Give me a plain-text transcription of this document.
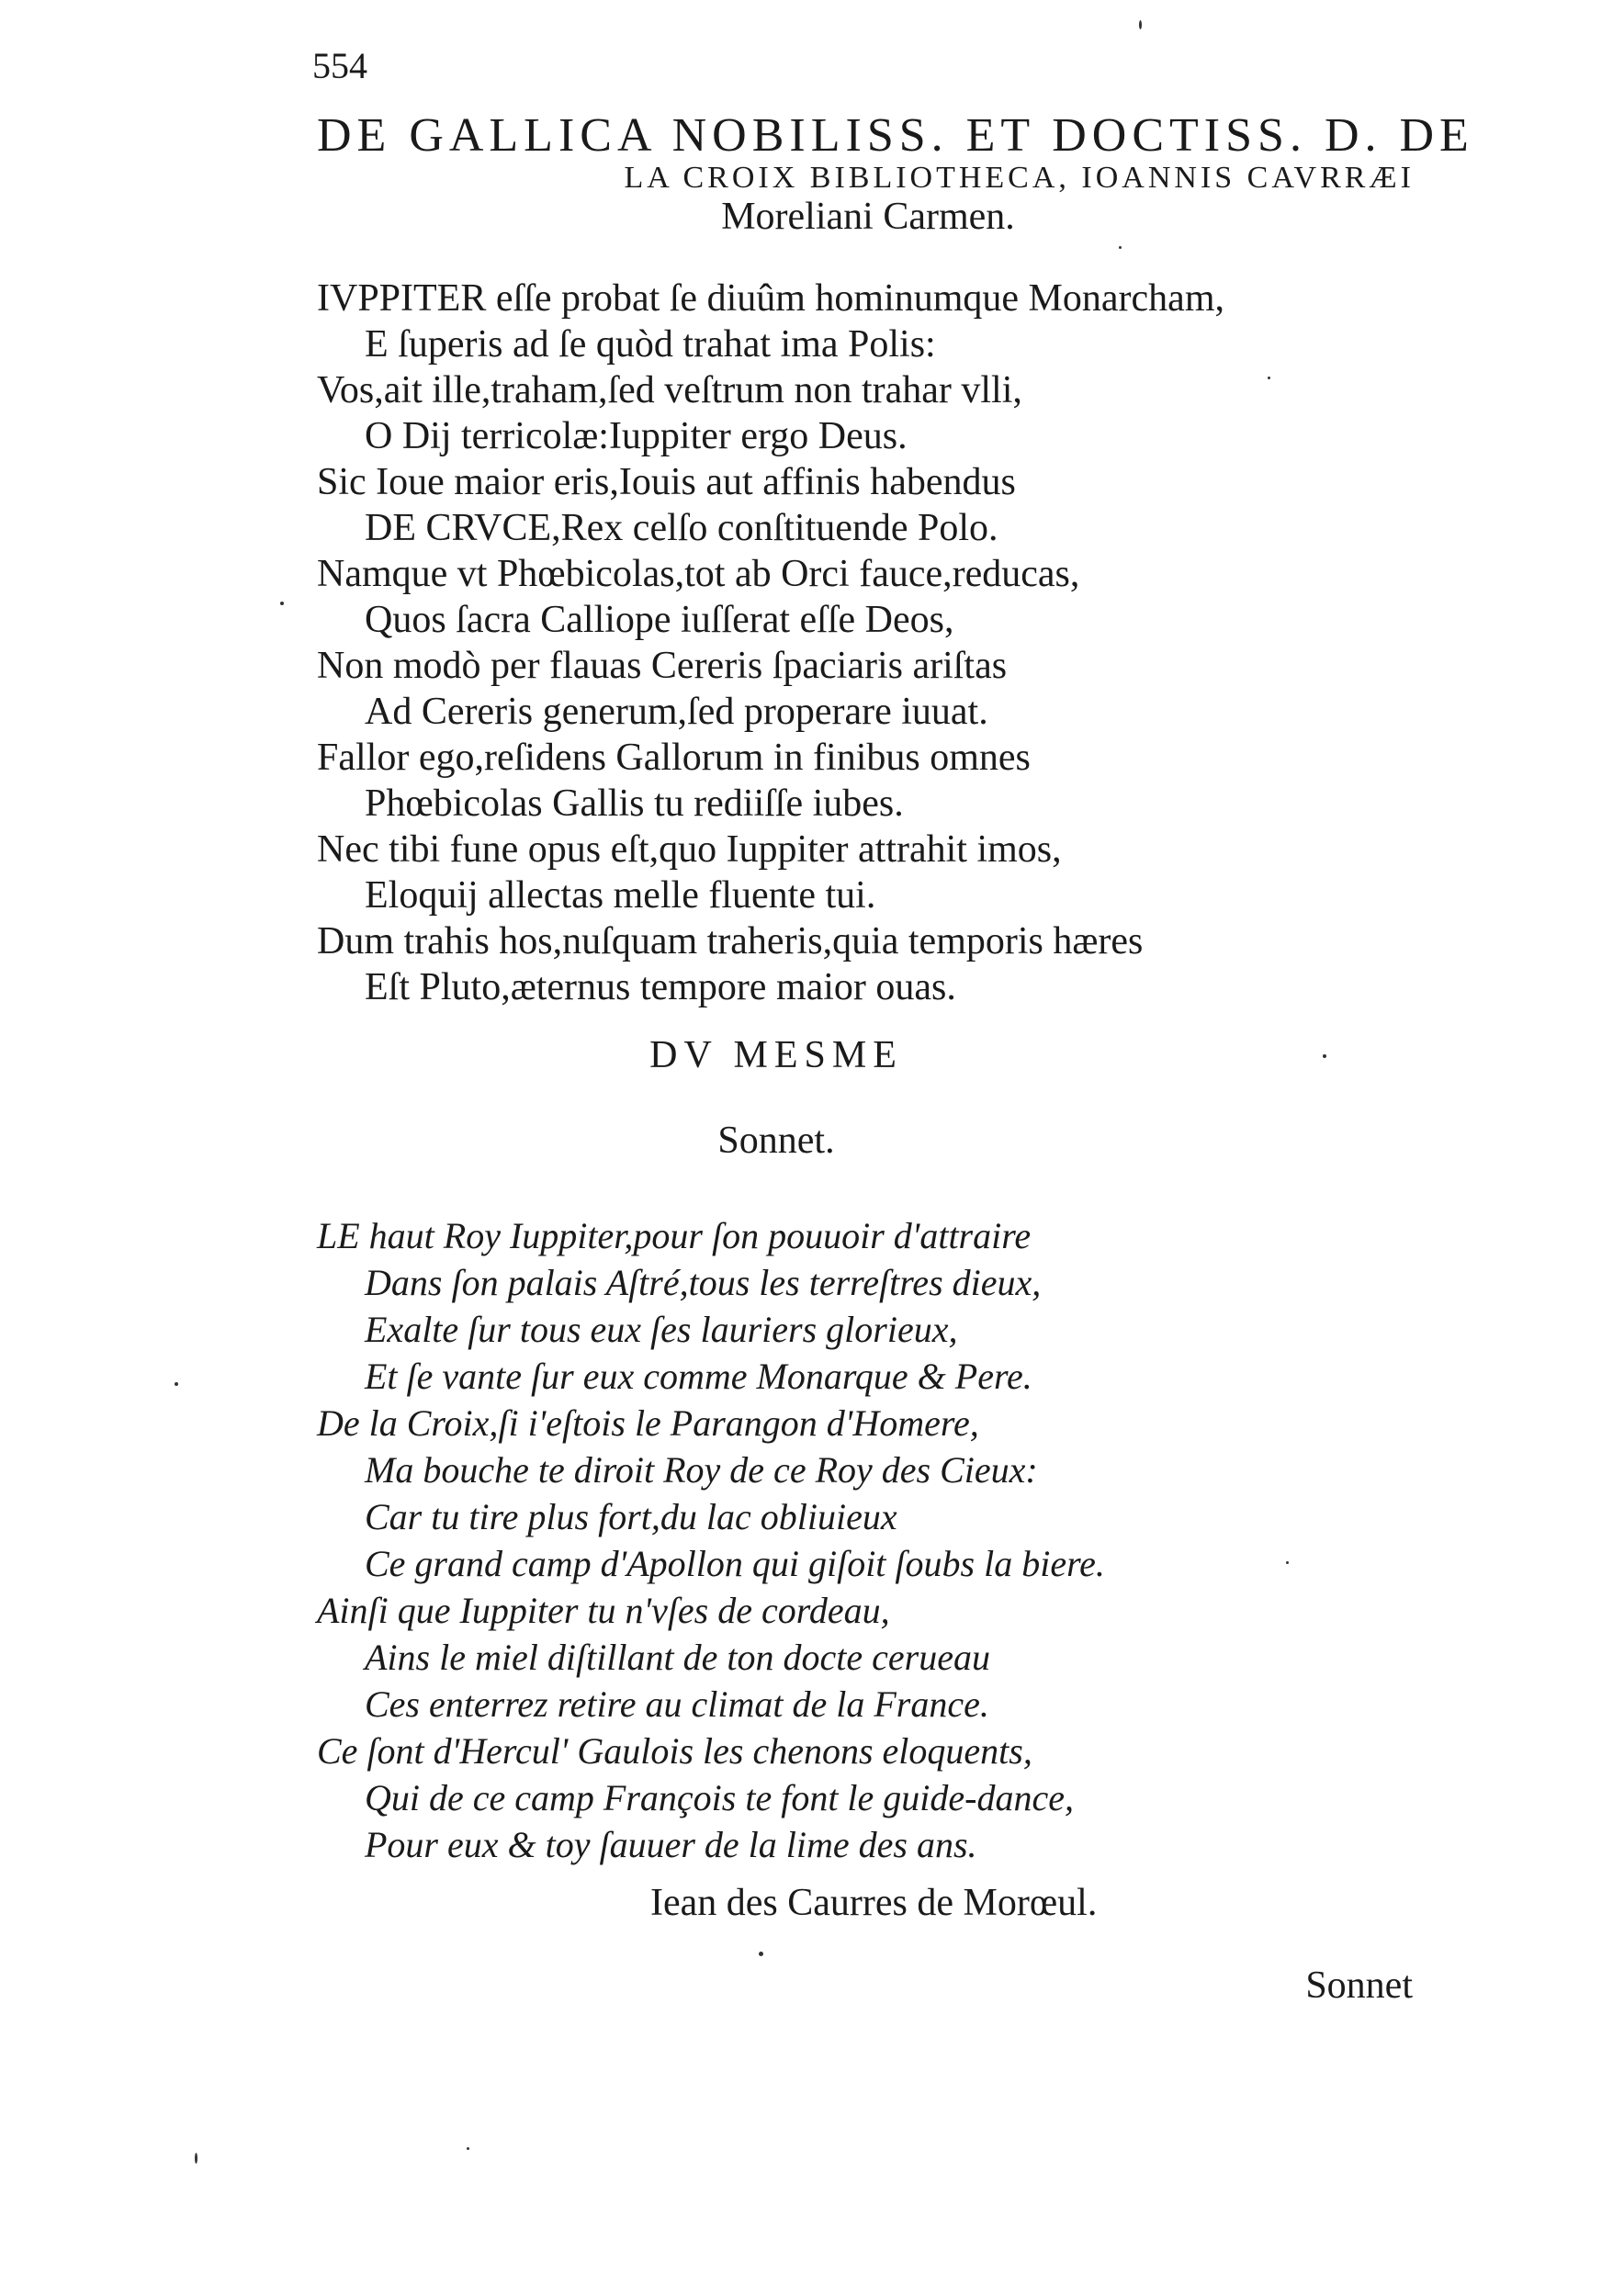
554
DE GALLICA NOBILISS. ET DOCTISS. D. DE
LA CROIX BIBLIOTHECA, IOANNIS CAVRRÆI
Moreliani Carmen.
IVPPITER eſſe probat ſe diuûm hominumque Monarcham,
E ſuperis ad ſe quòd trahat ima Polis:
Vos,ait ille,traham,ſed veſtrum non trahar vlli,
O Dij terricolæ:Iuppiter ergo Deus.
Sic Ioue maior eris,Iouis aut affinis habendus
DE CRVCE,Rex celſo conſtituende Polo.
Namque vt Phœbicolas,tot ab Orci fauce,reducas,
Quos ſacra Calliope iuſſerat eſſe Deos,
Non modò per flauas Cereris ſpaciaris ariſtas
Ad Cereris generum,ſed properare iuuat.
Fallor ego,reſidens Gallorum in finibus omnes
Phœbicolas Gallis tu rediiſſe iubes.
Nec tibi fune opus eſt,quo Iuppiter attrahit imos,
Eloquij allectas melle fluente tui.
Dum trahis hos,nuſquam traheris,quia temporis hæres
Eſt Pluto,æternus tempore maior ouas.
DV MESME
Sonnet.
LE haut Roy Iuppiter,pour ſon pouuoir d'attraire
Dans ſon palais Aſtré,tous les terreſtres dieux,
Exalte ſur tous eux ſes lauriers glorieux,
Et ſe vante ſur eux comme Monarque & Pere.
De la Croix,ſi i'eſtois le Parangon d'Homere,
Ma bouche te diroit Roy de ce Roy des Cieux:
Car tu tire plus fort,du lac obliuieux
Ce grand camp d'Apollon qui giſoit ſoubs la biere.
Ainſi que Iuppiter tu n'vſes de cordeau,
Ains le miel diſtillant de ton docte cerueau
Ces enterrez retire au climat de la France.
Ce ſont d'Hercul' Gaulois les chenons eloquents,
Qui de ce camp François te font le guide-dance,
Pour eux & toy ſauuer de la lime des ans.
Iean des Caurres de Morœul.
Sonnet
